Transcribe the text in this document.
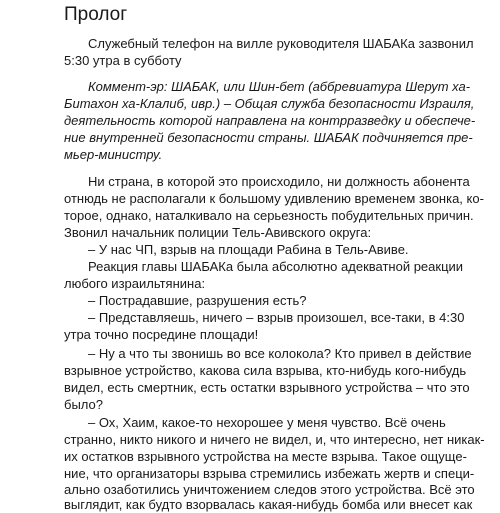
Пролог

Служебный телефон на вилле руководителя ШАБАКа зазвонил

5:30 утра в субботу

Коммент-эр: ШАБАК, или Шин-бет (аббревиатура Шерут ха-

Битахон ха-Клалиб, ивр.) – Общая служба безопасности Израиля,

деятельность которой направлена на контрразведку и обеспече-

ние внутренней безопасности страны. ШАБАК подчиняется пре-

мьер-министру.

Ни страна, в которой это происходило, ни должность абонента

отнюдь не располагали к большому удивлению временем звонка, ко-

торое, однако, наталкивало на серьезность побудительных причин.

Звонил начальник полиции Тель-Авивского округа:

– У нас ЧП, взрыв на площади Рабина в Тель-Авиве.

Реакция главы ШАБАКа была абсолютно адекватной реакции

любого израильтянина:

– Пострадавшие, разрушения есть?

– Представляешь, ничего – взрыв произошел, все-таки, в 4:30

утра точно посредине площади!

– Ну а что ты звонишь во все колокола? Кто привел в действие

взрывное устройство, какова сила взрыва, кто-нибудь кого-нибудь

видел, есть смертник, есть остатки взрывного устройства – что это

было?

– Ох, Хаим, какое-то нехорошее у меня чувство. Всё очень

странно, никто никого и ничего не видел, и, что интересно, нет никак-

их остатков взрывного устройства на месте взрыва. Такое ощуще-

ние, что организаторы взрыва стремились избежать жертв и специ-

ально озаботились уничтожением следов этого устройства. Всё это

выглядит, как будто взорвалась какая-нибудь бомба или внесет как
